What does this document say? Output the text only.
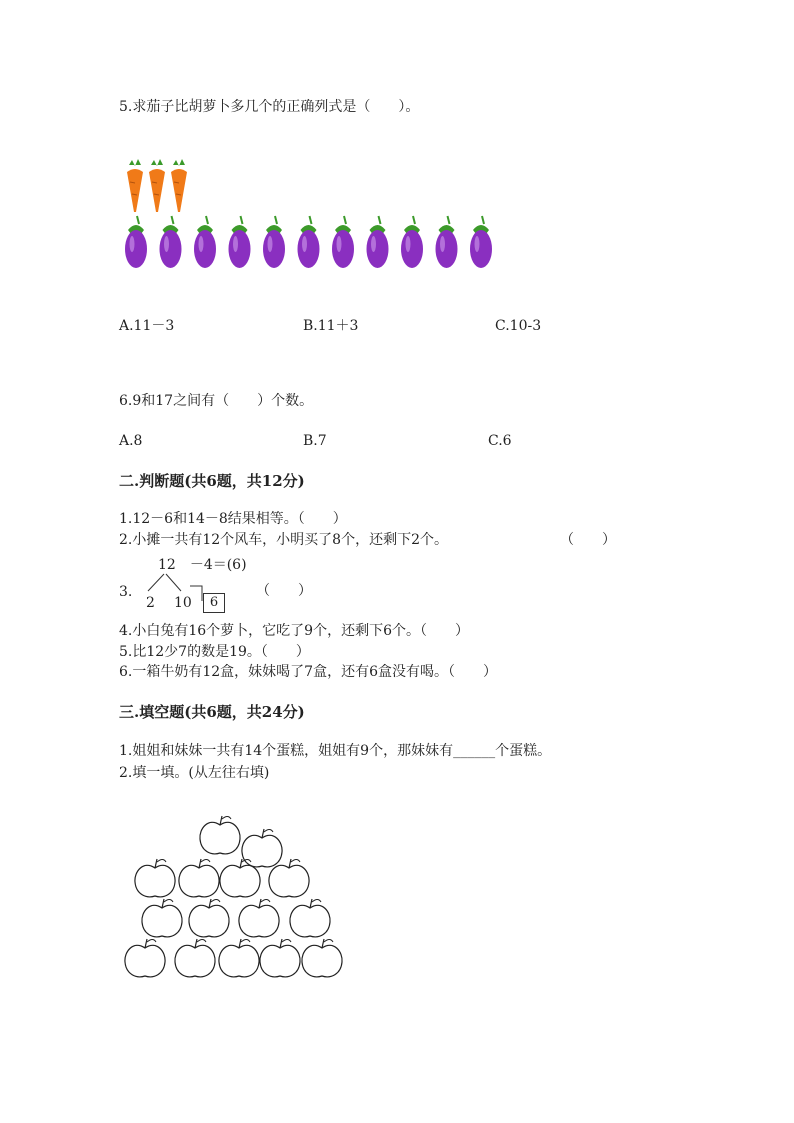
5.求茄子比胡萝卜多几个的正确列式是（　　）。
A.11－3	B.11＋3	C.10-3
6.9和17之间有（　　）个数。
A.8	B.7	C.6
二.判断题(共6题，共12分)
1.12－6和14－8结果相等。（　　）
2.小摊一共有12个风车，小明买了8个，还剩下2个。	（　　）
3.
12　－4＝(6)
2 10	6
（　　）
4.小白兔有16个萝卜，它吃了9个，还剩下6个。（　　）
5.比12少7的数是19。（　　）
6.一箱牛奶有12盒，妹妹喝了7盒，还有6盒没有喝。（　　）
三.填空题(共6题，共24分)
1.姐姐和妹妹一共有14个蛋糕，姐姐有9个，那妹妹有______个蛋糕。
2.填一填。(从左往右填)
